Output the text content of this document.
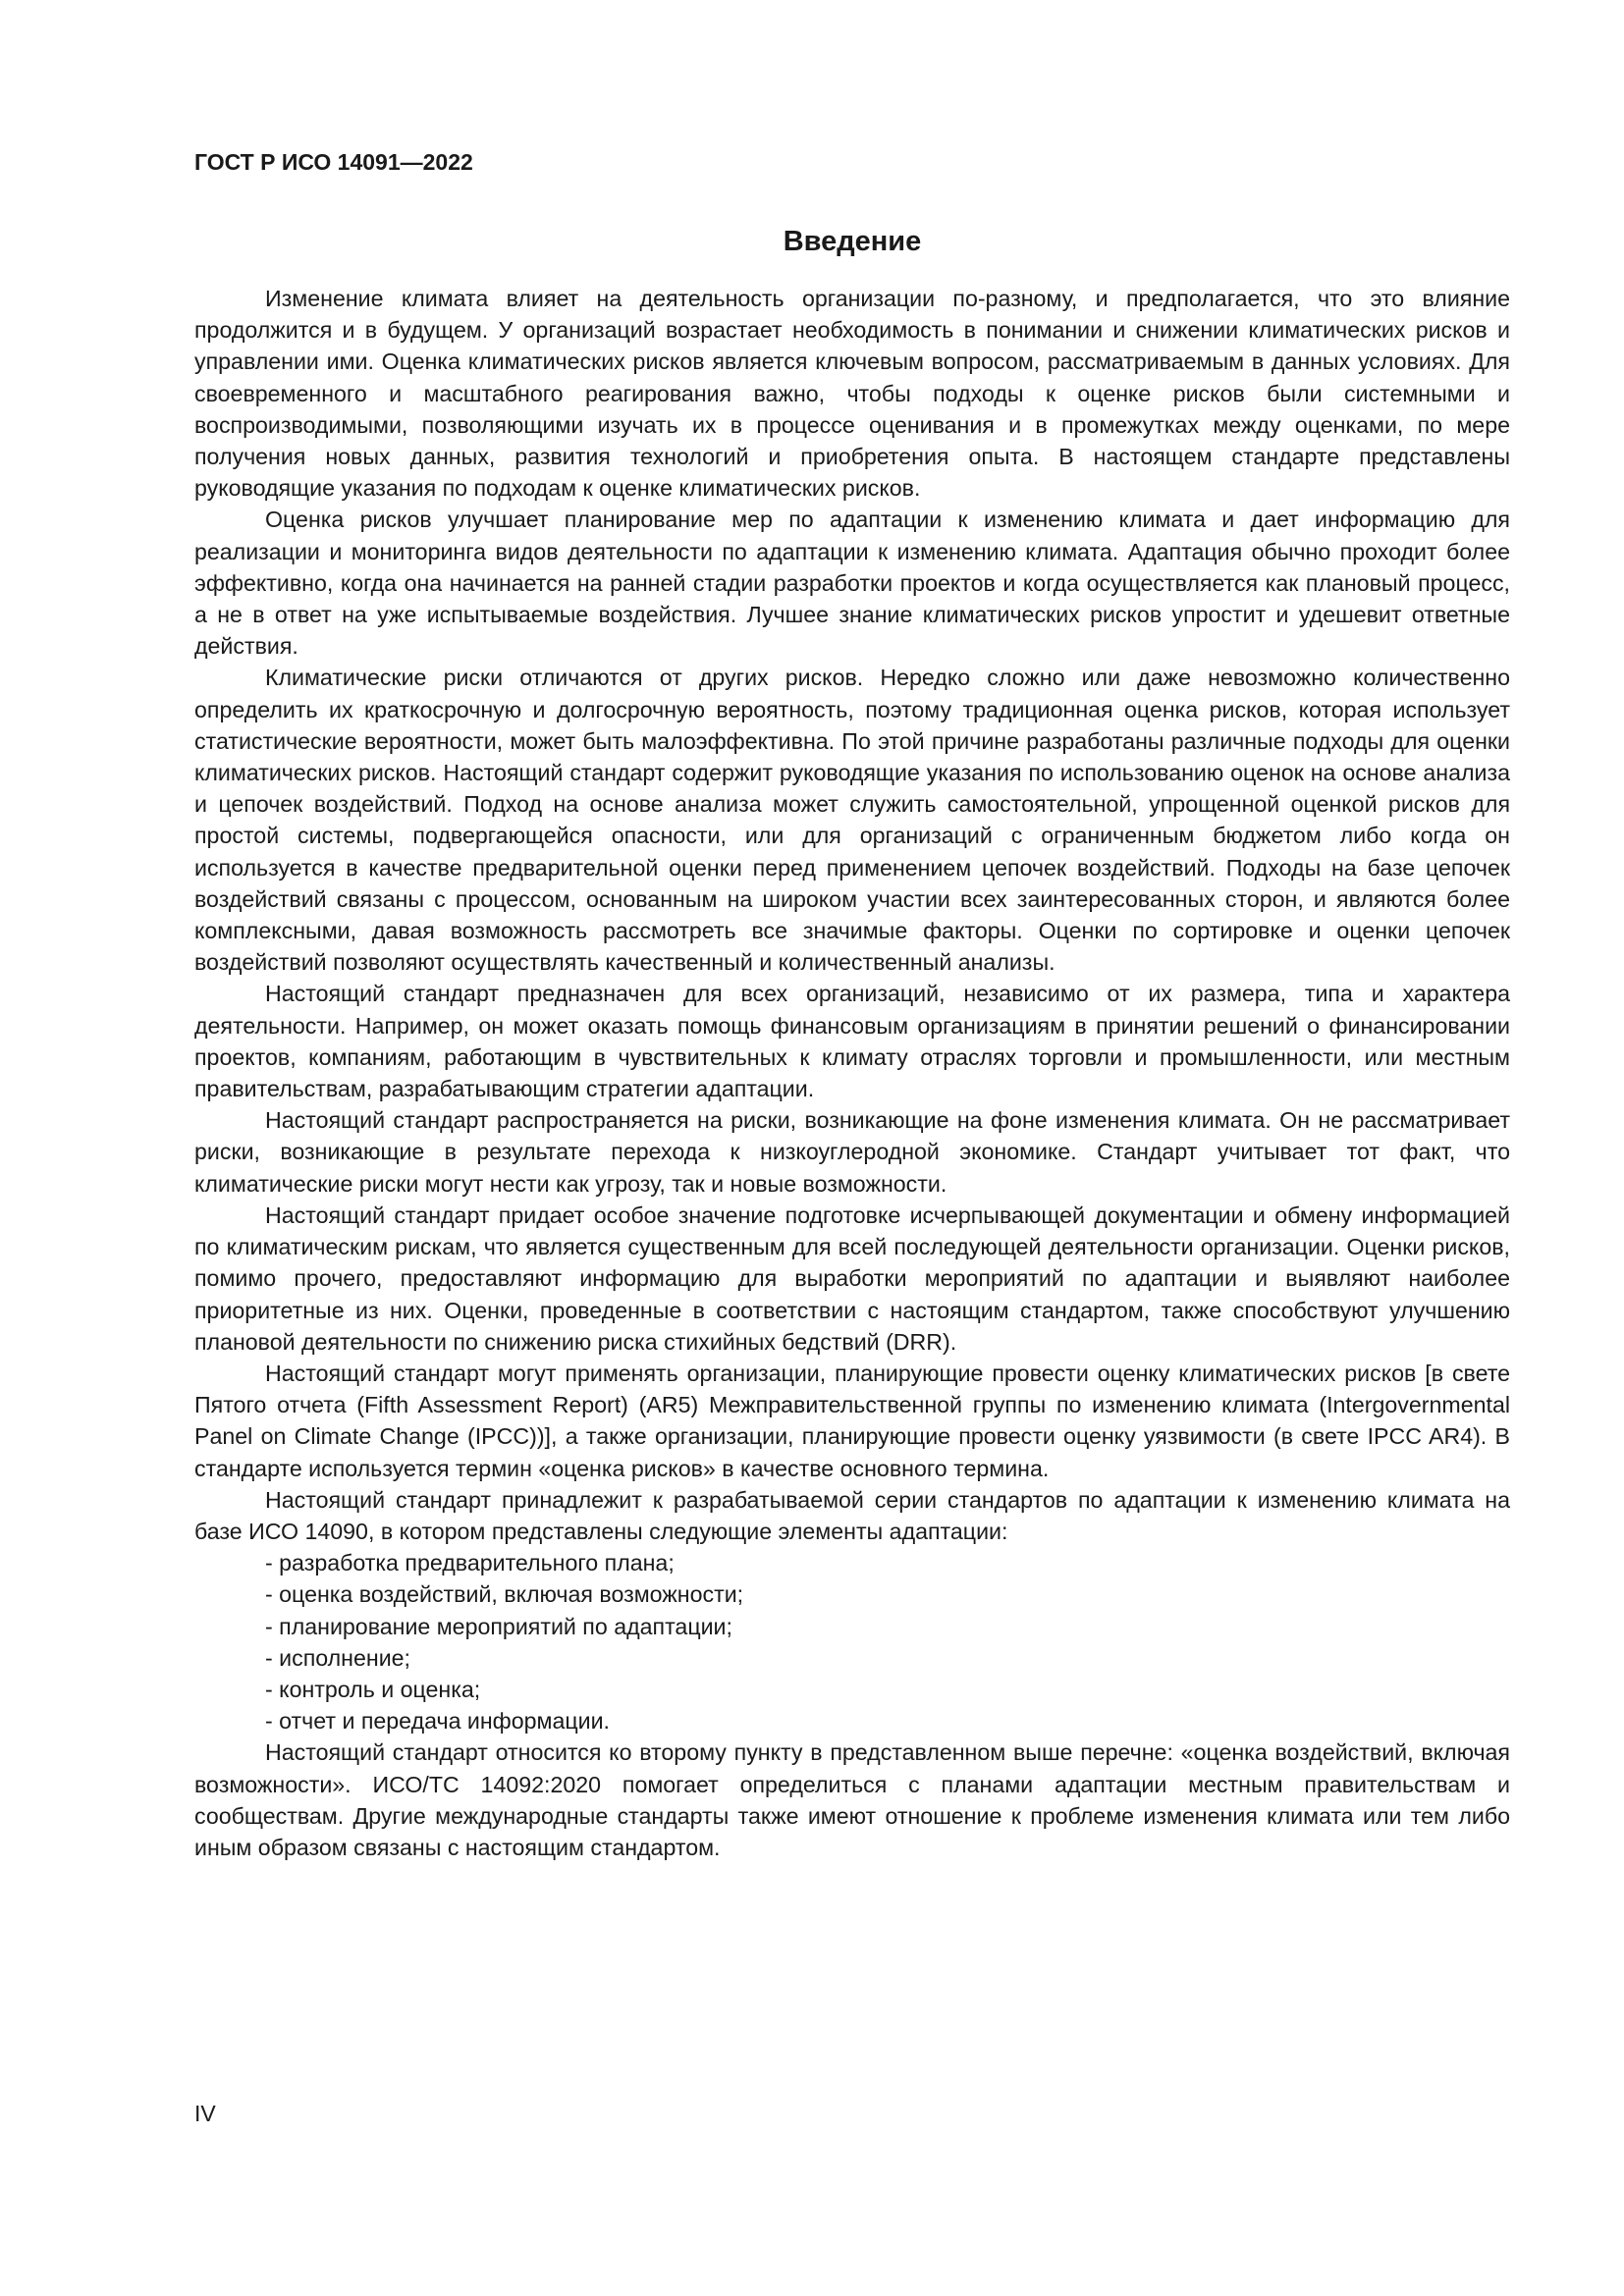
ГОСТ Р ИСО 14091—2022

Введение

Изменение климата влияет на деятельность организации по-разному, и предполагается, что это влияние продолжится и в будущем. У организаций возрастает необходимость в понимании и снижении климатических рисков и управлении ими. Оценка климатических рисков является ключевым вопросом, рассматриваемым в данных условиях. Для своевременного и масштабного реагирования важно, чтобы подходы к оценке рисков были системными и воспроизводимыми, позволяющими изучать их в процессе оценивания и в промежутках между оценками, по мере получения новых данных, развития технологий и приобретения опыта. В настоящем стандарте представлены руководящие указания по подходам к оценке климатических рисков.

Оценка рисков улучшает планирование мер по адаптации к изменению климата и дает информацию для реализации и мониторинга видов деятельности по адаптации к изменению климата. Адаптация обычно проходит более эффективно, когда она начинается на ранней стадии разработки проектов и когда осуществляется как плановый процесс, а не в ответ на уже испытываемые воздействия. Лучшее знание климатических рисков упростит и удешевит ответные действия.

Климатические риски отличаются от других рисков. Нередко сложно или даже невозможно количественно определить их краткосрочную и долгосрочную вероятность, поэтому традиционная оценка рисков, которая использует статистические вероятности, может быть малоэффективна. По этой причине разработаны различные подходы для оценки климатических рисков. Настоящий стандарт содержит руководящие указания по использованию оценок на основе анализа и цепочек воздействий. Подход на основе анализа может служить самостоятельной, упрощенной оценкой рисков для простой системы, подвергающейся опасности, или для организаций с ограниченным бюджетом либо когда он используется в качестве предварительной оценки перед применением цепочек воздействий. Подходы на базе цепочек воздействий связаны с процессом, основанным на широком участии всех заинтересованных сторон, и являются более комплексными, давая возможность рассмотреть все значимые факторы. Оценки по сортировке и оценки цепочек воздействий позволяют осуществлять качественный и количественный анализы.

Настоящий стандарт предназначен для всех организаций, независимо от их размера, типа и характера деятельности. Например, он может оказать помощь финансовым организациям в принятии решений о финансировании проектов, компаниям, работающим в чувствительных к климату отраслях торговли и промышленности, или местным правительствам, разрабатывающим стратегии адаптации.

Настоящий стандарт распространяется на риски, возникающие на фоне изменения климата. Он не рассматривает риски, возникающие в результате перехода к низкоуглеродной экономике. Стандарт учитывает тот факт, что климатические риски могут нести как угрозу, так и новые возможности.

Настоящий стандарт придает особое значение подготовке исчерпывающей документации и обмену информацией по климатическим рискам, что является существенным для всей последующей деятельности организации. Оценки рисков, помимо прочего, предоставляют информацию для выработки мероприятий по адаптации и выявляют наиболее приоритетные из них. Оценки, проведенные в соответствии с настоящим стандартом, также способствуют улучшению плановой деятельности по снижению риска стихийных бедствий (DRR).

Настоящий стандарт могут применять организации, планирующие провести оценку климатических рисков [в свете Пятого отчета (Fifth Assessment Report) (AR5) Межправительственной группы по изменению климата (Intergovernmental Panel on Climate Change (IPCC))], а также организации, планирующие провести оценку уязвимости (в свете IPCC AR4). В стандарте используется термин «оценка рисков» в качестве основного термина.

Настоящий стандарт принадлежит к разрабатываемой серии стандартов по адаптации к изменению климата на базе ИСО 14090, в котором представлены следующие элементы адаптации:

- разработка предварительного плана;
- оценка воздействий, включая возможности;
- планирование мероприятий по адаптации;
- исполнение;
- контроль и оценка;
- отчет и передача информации.

Настоящий стандарт относится ко второму пункту в представленном выше перечне: «оценка воздействий, включая возможности». ИСО/ТС 14092:2020 помогает определиться с планами адаптации местным правительствам и сообществам. Другие международные стандарты также имеют отношение к проблеме изменения климата или тем либо иным образом связаны с настоящим стандартом.

IV
